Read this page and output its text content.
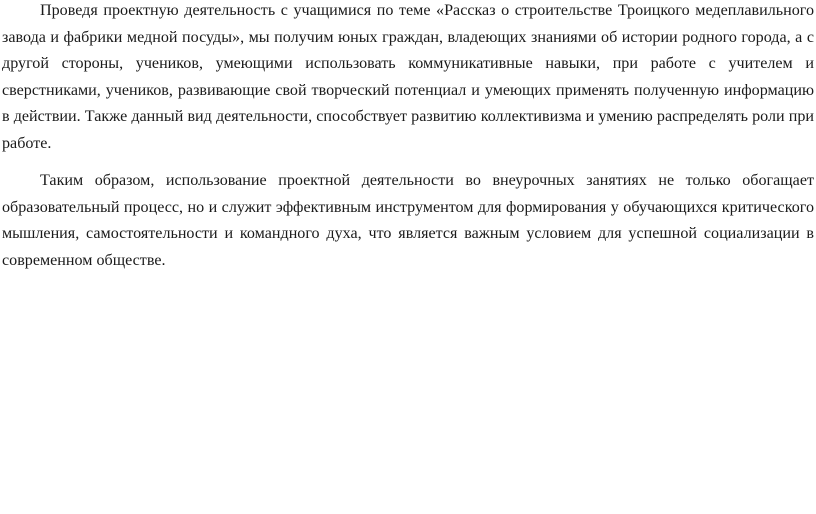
Проведя проектную деятельность с учащимися по теме «Рассказ о строительстве Троицкого медеплавильного завода и фабрики медной посуды», мы получим юных граждан, владеющих знаниями об истории родного города, а с другой стороны, учеников, умеющими использовать коммуникативные навыки, при работе с учителем и сверстниками, учеников, развивающие свой творческий потенциал и умеющих применять полученную информацию в действии. Также данный вид деятельности, способствует развитию коллективизма и умению распределять роли при работе.

Таким образом, использование проектной деятельности во внеурочных занятиях не только обогащает образовательный процесс, но и служит эффективным инструментом для формирования у обучающихся критического мышления, самостоятельности и командного духа, что является важным условием для успешной социализации в современном обществе.
